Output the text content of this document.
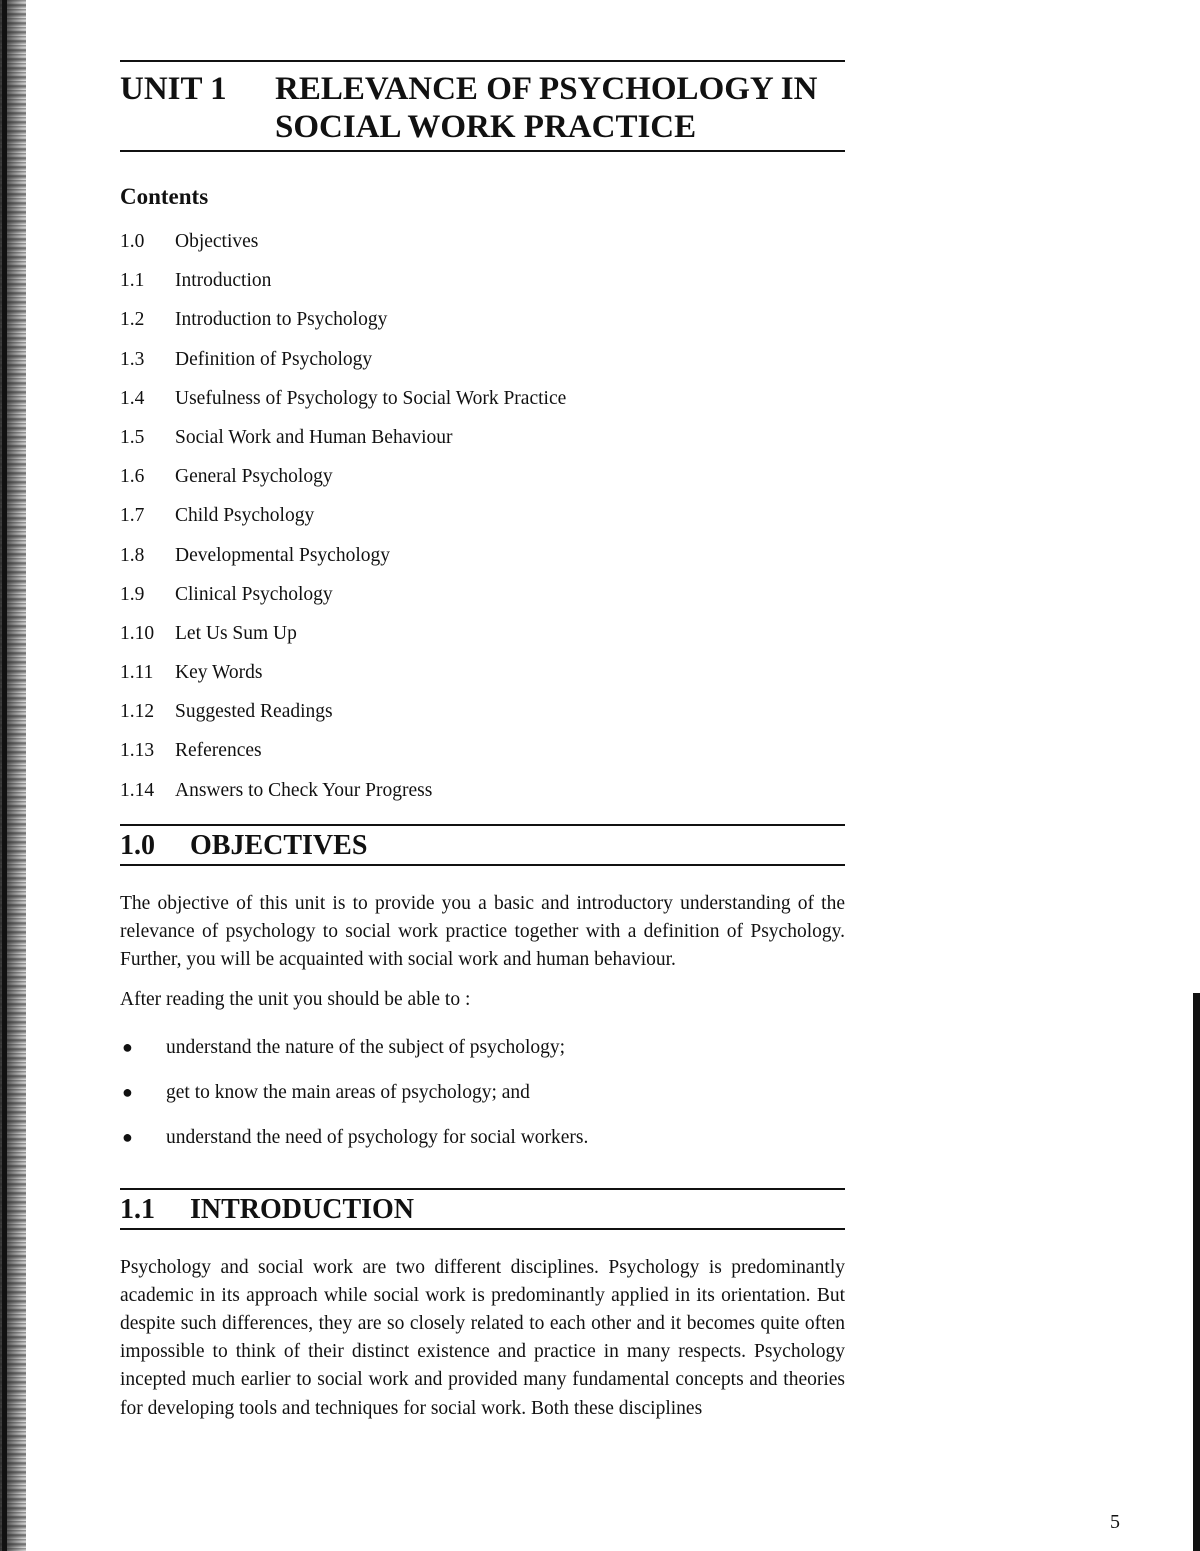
UNIT 1	RELEVANCE OF PSYCHOLOGY IN
SOCIAL WORK PRACTICE
Contents
1.0	Objectives
1.1	Introduction
1.2	Introduction to Psychology
1.3	Definition of Psychology
1.4	Usefulness of Psychology to Social Work Practice
1.5	Social Work and Human Behaviour
1.6	General Psychology
1.7	Child Psychology
1.8	Developmental Psychology
1.9	Clinical Psychology
1.10	Let Us Sum Up
1.11	Key Words
1.12	Suggested Readings
1.13	References
1.14	Answers to Check Your Progress
1.0	OBJECTIVES

The objective of this unit is to provide you a basic and introductory understanding of the relevance of psychology to social work practice together with a definition of Psychology. Further, you will be acquainted with social work and human behaviour.

After reading the unit you should be able to :

●	understand the nature of the subject of psychology;
●	get to know the main areas of psychology; and
●	understand the need of psychology for social workers.
1.1	INTRODUCTION

Psychology and social work are two different disciplines. Psychology is predominantly academic in its approach while social work is predominantly applied in its orientation. But despite such differences, they are so closely related to each other and it becomes quite often impossible to think of their distinct existence and practice in many respects. Psychology incepted much earlier to social work and provided many fundamental concepts and theories for developing tools and techniques for social work. Both these disciplines

5
